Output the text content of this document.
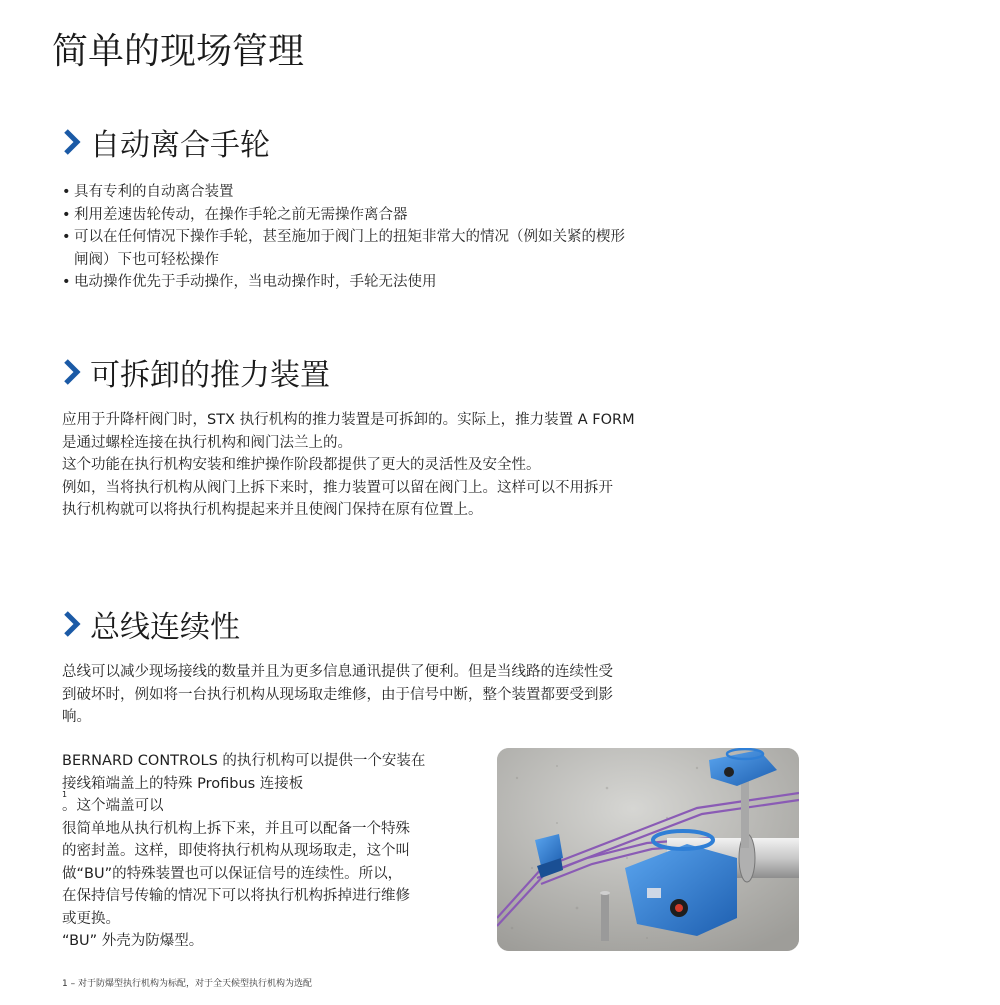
简单的现场管理
自动离合手轮
• 具有专利的自动离合装置
• 利用差速齿轮传动，在操作手轮之前无需操作离合器
• 可以在任何情况下操作手轮，甚至施加于阀门上的扭矩非常大的情况（例如关紧的楔形
闸阀）下也可轻松操作
• 电动操作优先于手动操作，当电动操作时，手轮无法使用
可拆卸的推力装置
应用于升降杆阀门时，STX 执行机构的推力装置是可拆卸的。实际上，推力装置 A FORM
是通过螺栓连接在执行机构和阀门法兰上的。
这个功能在执行机构安装和维护操作阶段都提供了更大的灵活性及安全性。
例如，当将执行机构从阀门上拆下来时，推力装置可以留在阀门上。这样可以不用拆开
执行机构就可以将执行机构提起来并且使阀门保持在原有位置上。
总线连续性
总线可以减少现场接线的数量并且为更多信息通讯提供了便利。但是当线路的连续性受
到破坏时，例如将一台执行机构从现场取走维修，由于信号中断，整个装置都要受到影
响。
BERNARD CONTROLS 的执行机构可以提供一个安装在
接线箱端盖上的特殊 Profibus 连接板
1
。这个端盖可以
很简单地从执行机构上拆下来，并且可以配备一个特殊
的密封盖。这样，即使将执行机构从现场取走，这个叫
做“BU”的特殊装置也可以保证信号的连续性。所以，
在保持信号传输的情况下可以将执行机构拆掉进行维修
或更换。
“BU” 外壳为防爆型。
1 – 对于防爆型执行机构为标配，对于全天候型执行机构为选配
